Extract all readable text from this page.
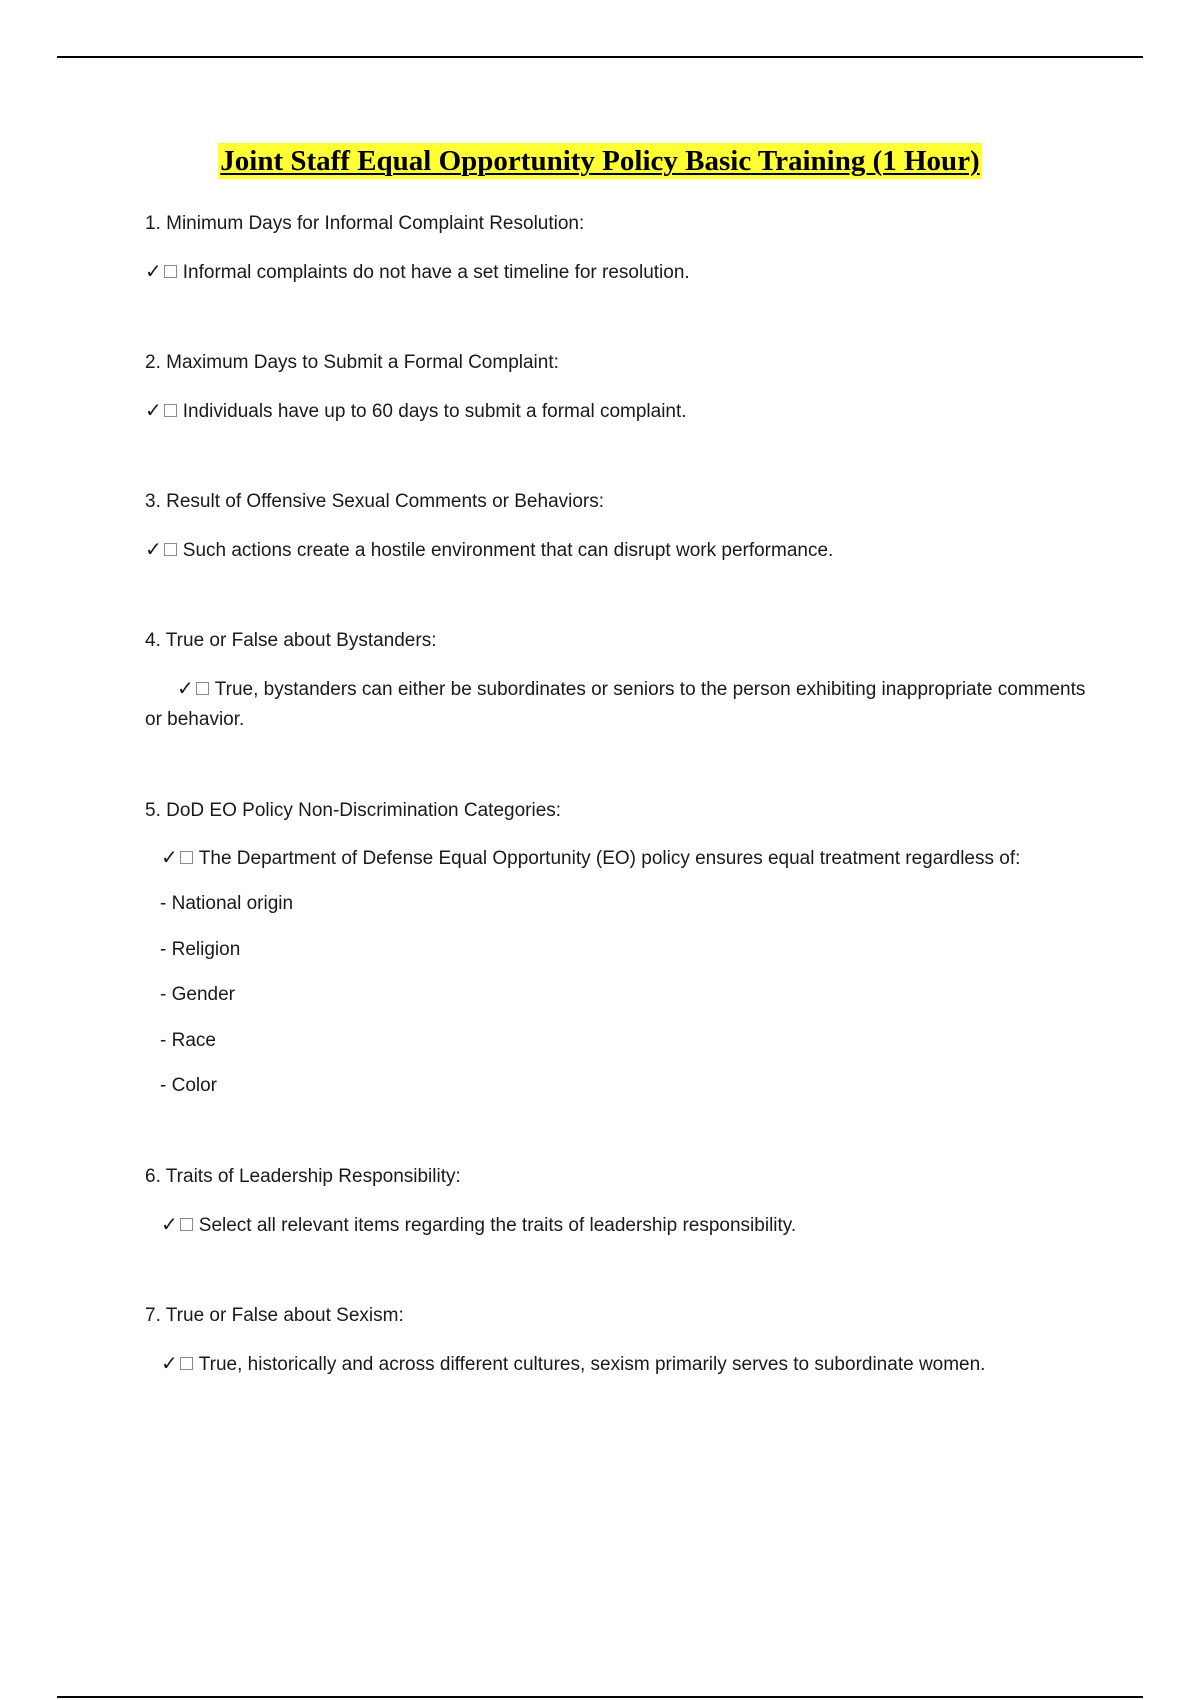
Joint Staff Equal Opportunity Policy Basic Training (1 Hour)
1. Minimum Days for Informal Complaint Resolution:
✓ Informal complaints do not have a set timeline for resolution.
2. Maximum Days to Submit a Formal Complaint:
✓ Individuals have up to 60 days to submit a formal complaint.
3. Result of Offensive Sexual Comments or Behaviors:
✓ Such actions create a hostile environment that can disrupt work performance.
4. True or False about Bystanders:
✓ True, bystanders can either be subordinates or seniors to the person exhibiting inappropriate comments or behavior.
5. DoD EO Policy Non-Discrimination Categories:
✓ The Department of Defense Equal Opportunity (EO) policy ensures equal treatment regardless of:
- National origin
- Religion
- Gender
- Race
- Color
6. Traits of Leadership Responsibility:
✓ Select all relevant items regarding the traits of leadership responsibility.
7. True or False about Sexism:
✓ True, historically and across different cultures, sexism primarily serves to subordinate women.
